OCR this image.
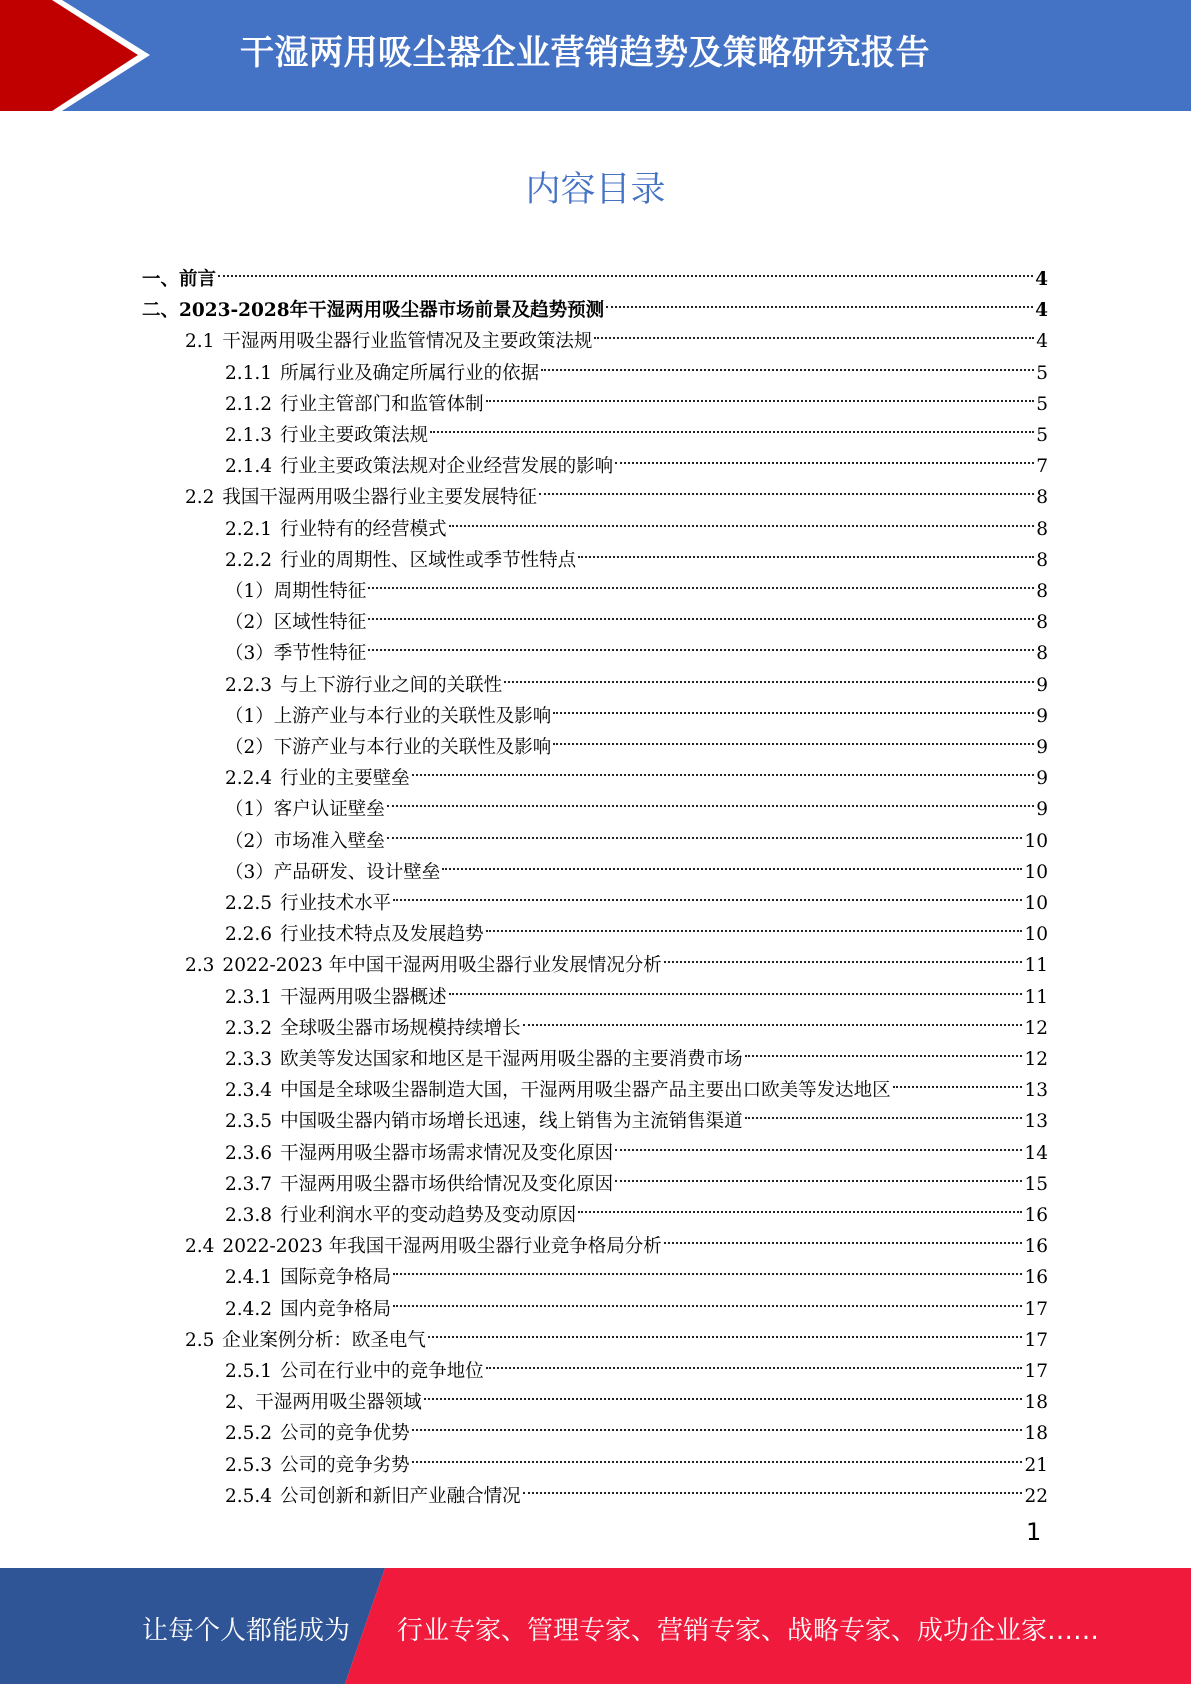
干湿两用吸尘器企业营销趋势及策略研究报告
内容目录
一、前言	4
二、2023-2028年干湿两用吸尘器市场前景及趋势预测	4
2.1 干湿两用吸尘器行业监管情况及主要政策法规	4
2.1.1 所属行业及确定所属行业的依据	5
2.1.2 行业主管部门和监管体制	5
2.1.3 行业主要政策法规	5
2.1.4 行业主要政策法规对企业经营发展的影响	7
2.2 我国干湿两用吸尘器行业主要发展特征	8
2.2.1 行业特有的经营模式	8
2.2.2 行业的周期性、区域性或季节性特点	8
（1）周期性特征	8
（2）区域性特征	8
（3）季节性特征	8
2.2.3 与上下游行业之间的关联性	9
（1）上游产业与本行业的关联性及影响	9
（2）下游产业与本行业的关联性及影响	9
2.2.4 行业的主要壁垒	9
（1）客户认证壁垒	9
（2）市场准入壁垒	10
（3）产品研发、设计壁垒	10
2.2.5 行业技术水平	10
2.2.6 行业技术特点及发展趋势	10
2.3 2022-2023 年中国干湿两用吸尘器行业发展情况分析	11
2.3.1 干湿两用吸尘器概述	11
2.3.2 全球吸尘器市场规模持续增长	12
2.3.3 欧美等发达国家和地区是干湿两用吸尘器的主要消费市场	12
2.3.4 中国是全球吸尘器制造大国，干湿两用吸尘器产品主要出口欧美等发达地区	13
2.3.5 中国吸尘器内销市场增长迅速，线上销售为主流销售渠道	13
2.3.6 干湿两用吸尘器市场需求情况及变化原因	14
2.3.7 干湿两用吸尘器市场供给情况及变化原因	15
2.3.8 行业利润水平的变动趋势及变动原因	16
2.4 2022-2023 年我国干湿两用吸尘器行业竞争格局分析	16
2.4.1 国际竞争格局	16
2.4.2 国内竞争格局	17
2.5 企业案例分析：欧圣电气	17
2.5.1 公司在行业中的竞争地位	17
2、干湿两用吸尘器领域	18
2.5.2 公司的竞争优势	18
2.5.3 公司的竞争劣势	21
2.5.4 公司创新和新旧产业融合情况	22
1
让每个人都能成为 行业专家、管理专家、营销专家、战略专家、成功企业家……
